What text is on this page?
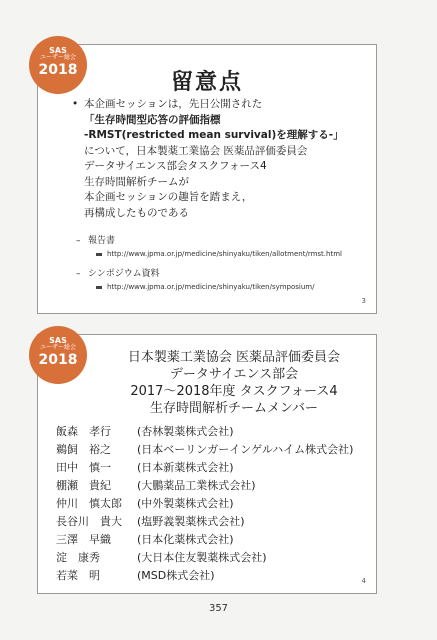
SAS
ユーザー総会
2018	留意点
• 本企画セッションは，先日公開された
「生存時間型応答の評価指標
-RMST(restricted mean survival)を理解する-」
について，日本製薬工業協会 医薬品評価委員会
データサイエンス部会タスクフォース4
生存時間解析チームが
本企画セッションの趣旨を踏まえ，
再構成したものである
– 報告書
http://www.jpma.or.jp/medicine/shinyaku/tiken/allotment/rmst.html
– シンポジウム資料
http://www.jpma.or.jp/medicine/shinyaku/tiken/symposium/
3
SAS
ユーザー総会
2018	日本製薬工業協会 医薬品評価委員会
データサイエンス部会
2017～2018年度 タスクフォース4
生存時間解析チームメンバー
飯森　孝行 (杏林製薬株式会社)
鵜飼　裕之 (日本ベーリンガーインゲルハイム株式会社)
田中　慎一 (日本新薬株式会社)
棚瀬　貴紀 (大鵬薬品工業株式会社)
仲川　慎太郎 (中外製薬株式会社)
長谷川　貴大 (塩野義製薬株式会社)
三澤　早織 (日本化薬株式会社)
淀　康秀	(大日本住友製薬株式会社)
若菜　明	(MSD株式会社)	4
357
